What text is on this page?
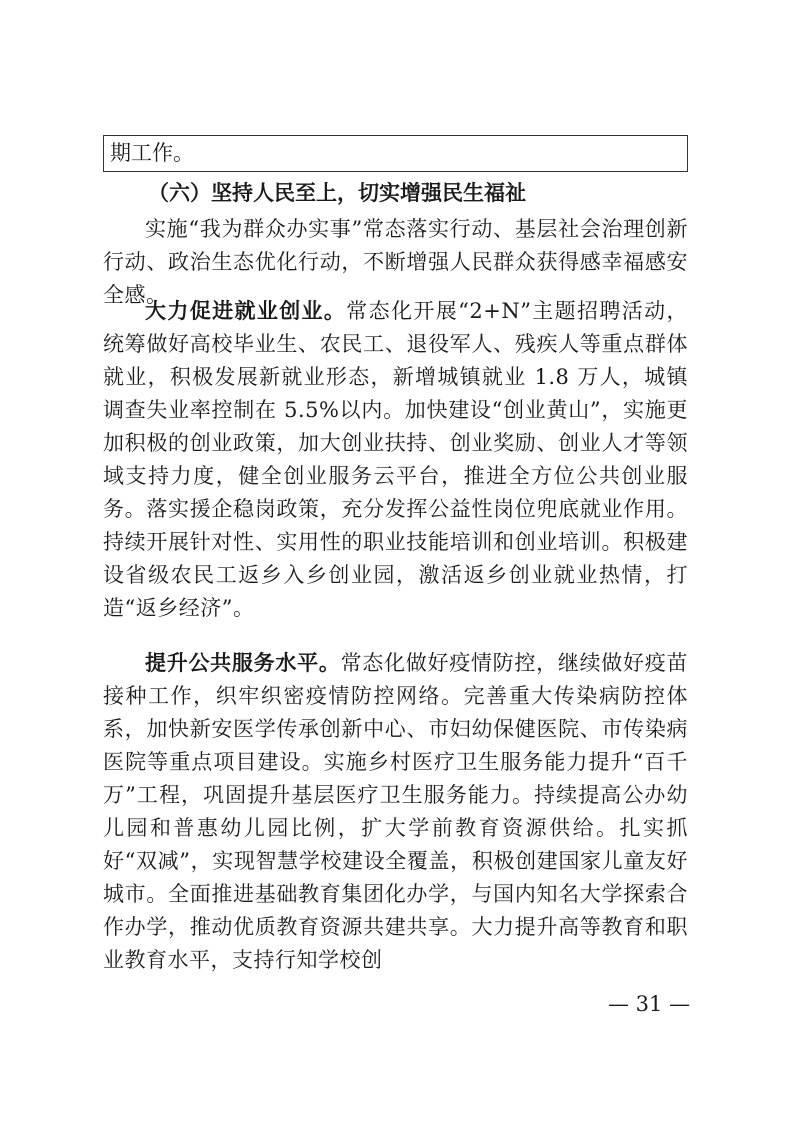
期工作。
（六）坚持人民至上，切实增强民生福祉

实施“我为群众办实事”常态落实行动、基层社会治理创新行动、政治生态优化行动，不断增强人民群众获得感幸福感安全感。

大力促进就业创业。常态化开展“2+N”主题招聘活动，统筹做好高校毕业生、农民工、退役军人、残疾人等重点群体就业，积极发展新就业形态，新增城镇就业 1.8 万人，城镇调查失业率控制在 5.5%以内。加快建设“创业黄山”，实施更加积极的创业政策，加大创业扶持、创业奖励、创业人才等领域支持力度，健全创业服务云平台，推进全方位公共创业服务。落实援企稳岗政策，充分发挥公益性岗位兜底就业作用。持续开展针对性、实用性的职业技能培训和创业培训。积极建设省级农民工返乡入乡创业园，激活返乡创业就业热情，打造“返乡经济”。

提升公共服务水平。常态化做好疫情防控，继续做好疫苗接种工作，织牢织密疫情防控网络。完善重大传染病防控体系，加快新安医学传承创新中心、市妇幼保健医院、市传染病医院等重点项目建设。实施乡村医疗卫生服务能力提升“百千万”工程，巩固提升基层医疗卫生服务能力。持续提高公办幼儿园和普惠幼儿园比例，扩大学前教育资源供给。扎实抓好“双减”，实现智慧学校建设全覆盖，积极创建国家儿童友好城市。全面推进基础教育集团化办学，与国内知名大学探索合作办学，推动优质教育资源共建共享。大力提升高等教育和职业教育水平，支持行知学校创

— 31 —
